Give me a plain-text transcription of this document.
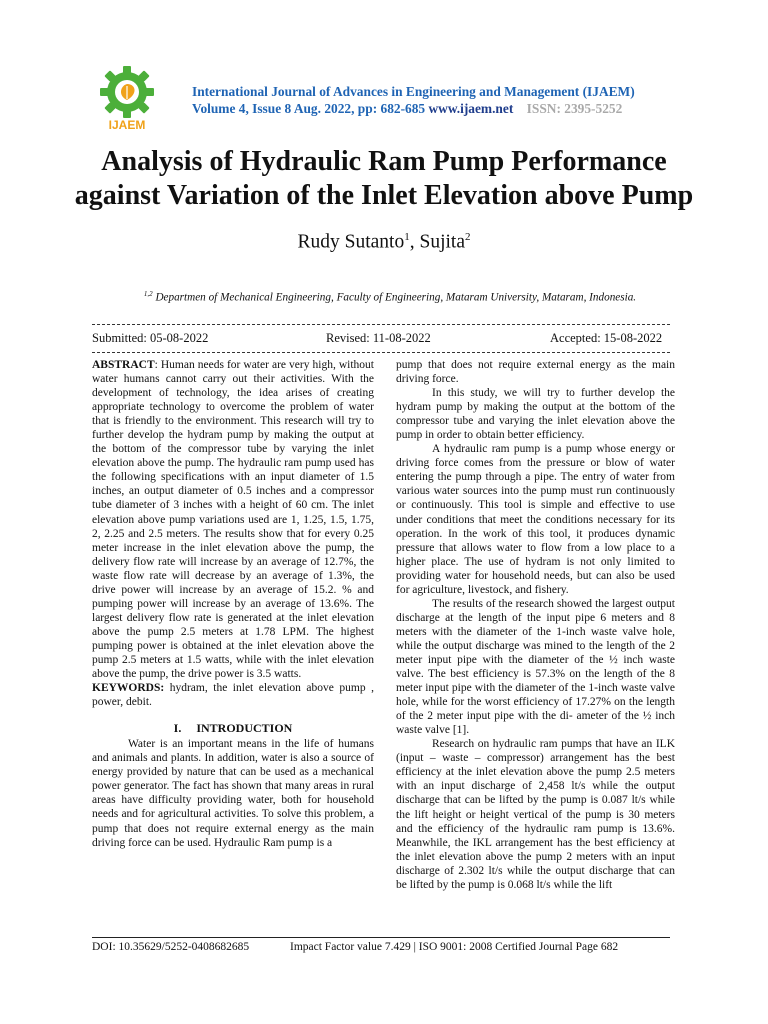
IJAEM
International Journal of Advances in Engineering and Management (IJAEM)
Volume 4, Issue 8 Aug. 2022, pp: 682-685 www.ijaem.net ISSN: 2395-5252
Analysis of Hydraulic Ram Pump Performance against Variation of the Inlet Elevation above Pump
Rudy Sutanto$^1$, Sujita$^2$
$^{1,2}$ Departmen of Mechanical Engineering, Faculty of Engineering, Mataram University, Mataram, Indonesia.
Submitted: 05-08-2022	Revised: 11-08-2022	Accepted: 15-08-2022

ABSTRACT: Human needs for water are very high, without water humans cannot carry out their activities. With the development of technology, the idea arises of creating appropriate technology to overcome the problem of water that is friendly to the environment. This research will try to further develop the hydram pump by making the output at the bottom of the compressor tube by varying the inlet elevation above the pump. The hydraulic ram pump used has the following specifications with an input diameter of 1.5 inches, an output diameter of 0.5 inches and a compressor tube diameter of 3 inches with a height of 60 cm. The inlet elevation above pump variations used are 1, 1.25, 1.5, 1.75, 2, 2.25 and 2.5 meters. The results show that for every 0.25 meter increase in the inlet elevation above the pump, the delivery flow rate will increase by an average of 12.7%, the waste flow rate will decrease by an average of 1.3%, the drive power will increase by an average of 15.2. % and pumping power will increase by an average of 13.6%. The largest delivery flow rate is generated at the inlet elevation above the pump 2.5 meters at 1.78 LPM. The highest pumping power is obtained at the inlet elevation above the pump 2.5 meters at 1.5 watts, while with the inlet elevation above the pump, the drive power is 3.5 watts.

KEYWORDS: hydram, the inlet elevation above pump , power, debit.

I.     INTRODUCTION

Water is an important means in the life of humans and animals and plants. In addition, water is also a source of energy provided by nature that can be used as a mechanical power generator. The fact has shown that many areas in rural areas have difficulty providing water, both for household needs and for agricultural activities. To solve this problem, a pump that does not require external energy as the main driving force can be used. Hydraulic Ram pump is a

pump that does not require external energy as the main driving force.

In this study, we will try to further develop the hydram pump by making the output at the bottom of the compressor tube and varying the inlet elevation above the pump in order to obtain better efficiency.

A hydraulic ram pump is a pump whose energy or driving force comes from the pressure or blow of water entering the pump through a pipe. The entry of water from various water sources into the pump must run continuously or continuously. This tool is simple and effective to use under conditions that meet the conditions necessary for its operation. In the work of this tool, it produces dynamic pressure that allows water to flow from a low place to a higher place. The use of hydram is not only limited to providing water for household needs, but can also be used for agriculture, livestock, and fishery.

The results of the research showed the largest output discharge at the length of the input pipe 6 meters and 8 meters with the diameter of the 1-inch waste valve hole, while the output discharge was mined to the length of the 2 meter input pipe with the diameter of the ½ inch waste valve. The best efficiency is 57.3% on the length of the 8 meter input pipe with the diameter of the 1-inch waste valve hole, while for the worst efficiency of 17.27% on the length of the 2 meter input pipe with the di- ameter of the ½ inch waste valve [1].

Research on hydraulic ram pumps that have an ILK (input – waste – compressor) arrangement has the best efficiency at the inlet elevation above the pump 2.5 meters with an input discharge of 2,458 lt/s while the output discharge that can be lifted by the pump is 0.087 lt/s while the lift height or height vertical of the pump is 30 meters and the efficiency of the hydraulic ram pump is 13.6%. Meanwhile, the IKL arrangement has the best efficiency at the inlet elevation above the pump 2 meters with an input discharge of 2.302 lt/s while the output discharge that can be lifted by the pump is 0.068 lt/s while the lift

DOI: 10.35629/5252-0408682685	Impact Factor value 7.429 | ISO 9001: 2008 Certified Journal Page 682
